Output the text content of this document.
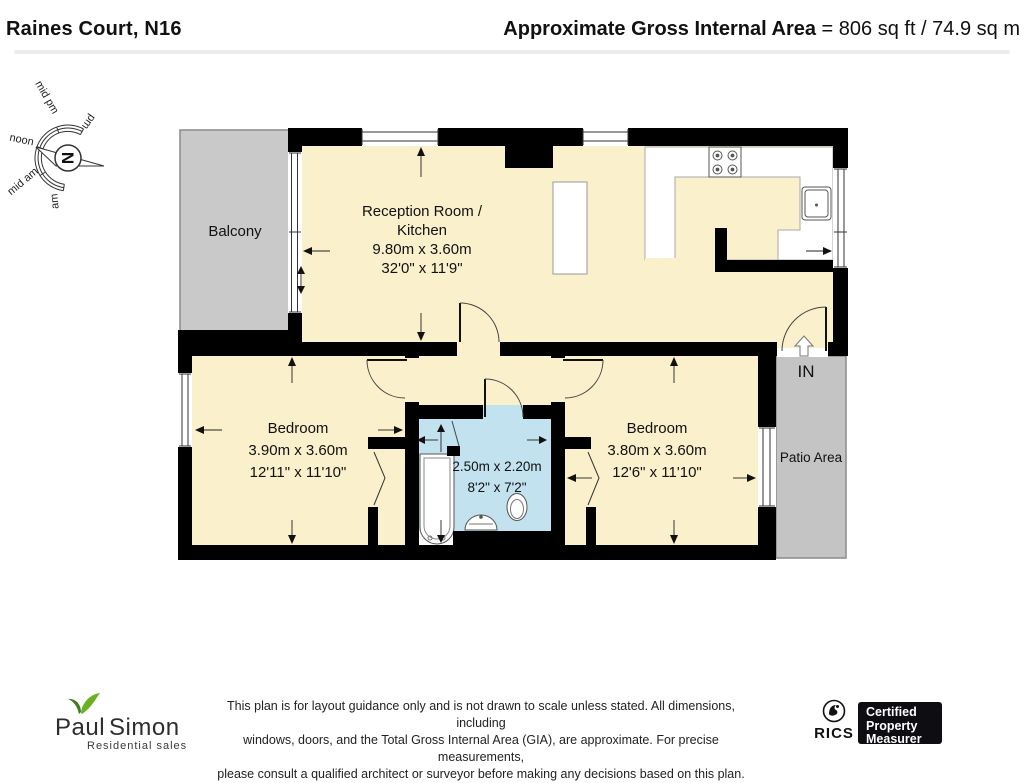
Raines Court, N16	Approximate Gross Internal Area = 806 sq ft / 74.9 sq m
IN
Balcony
Reception Room /
Kitchen
9.80m x 3.60m
32'0" x 11'9"
Bedroom
3.90m x 3.60m
12'11" x 11'10"
Bedroom
3.80m x 3.60m
12'6" x 11'10"
2.50m x 2.20m
8'2" x 7'2"
Patio Area
N
pm
mid pm
noon
mid am
am
Paul Simon
Residential sales
This plan is for layout guidance only and is not drawn to scale unless stated. All dimensions, including
windows, doors, and the Total Gross Internal Area (GIA), are approximate. For precise measurements,
please consult a qualified architect or surveyor before making any decisions based on this plan.
RICS
Certified
Property
Measurer
